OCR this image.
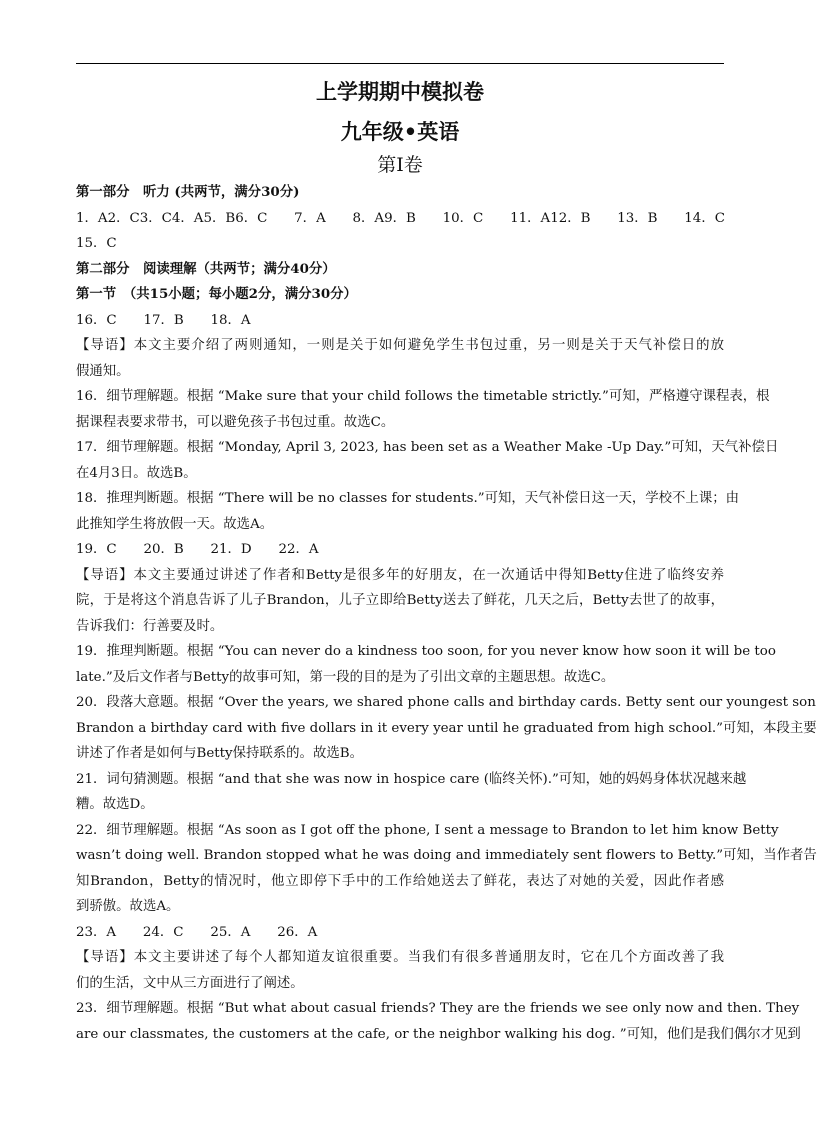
上学期期中模拟卷
九年级•英语
第I卷
第一部分　听力 (共两节，满分30分)
1．A2．C3．C4．A5．B6．C　　7．A　　8．A9．B　　10．C　　11．A12．B　　13．B　　14．C
15．C
第二部分　阅读理解（共两节；满分40分）
第一节　（共15小题；每小题2分，满分30分）
16．C　　17．B　　18．A
【导语】本文主要介绍了两则通知，一则是关于如何避免学生书包过重，另一则是关于天气补偿日的放
假通知。
16．细节理解题。根据 “Make sure that your child follows the timetable strictly.”可知，严格遵守课程表，根
据课程表要求带书，可以避免孩子书包过重。故选C。
17．细节理解题。根据 “Monday, April 3, 2023, has been set as a Weather Make -Up Day.”可知，天气补偿日
在4月3日。故选B。
18．推理判断题。根据 “There will be no classes for students.”可知，天气补偿日这一天，学校不上课；由
此推知学生将放假一天。故选A。
19．C　　20．B　　21．D　　22．A
【导语】本文主要通过讲述了作者和Betty是很多年的好朋友，在一次通话中得知Betty住进了临终安养
院，于是将这个消息告诉了儿子Brandon，儿子立即给Betty送去了鲜花，几天之后，Betty去世了的故事，
告诉我们：行善要及时。
19．推理判断题。根据 “You can never do a kindness too soon, for you never know how soon it will be too
late.”及后文作者与Betty的故事可知，第一段的目的是为了引出文章的主题思想。故选C。
20．段落大意题。根据 “Over the years, we shared phone calls and birthday cards. Betty sent our youngest son
Brandon a birthday card with five dollars in it every year until he graduated from high school.”可知，本段主要
讲述了作者是如何与Betty保持联系的。故选B。
21．词句猜测题。根据 “and that she was now in hospice care (临终关怀).”可知，她的妈妈身体状况越来越
糟。故选D。
22．细节理解题。根据 “As soon as I got off the phone, I sent a message to Brandon to let him know Betty
wasn’t doing well. Brandon stopped what he was doing and immediately sent flowers to Betty.”可知，当作者告
知Brandon，Betty的情况时，他立即停下手中的工作给她送去了鲜花，表达了对她的关爱，因此作者感
到骄傲。故选A。
23．A　　24．C　　25．A　　26．A
【导语】本文主要讲述了每个人都知道友谊很重要。当我们有很多普通朋友时，它在几个方面改善了我
们的生活，文中从三方面进行了阐述。
23．细节理解题。根据 “But what about casual friends? They are the friends we see only now and then. They
are our classmates, the customers at the cafe, or the neighbor walking his dog. ”可知，他们是我们偶尔才见到
